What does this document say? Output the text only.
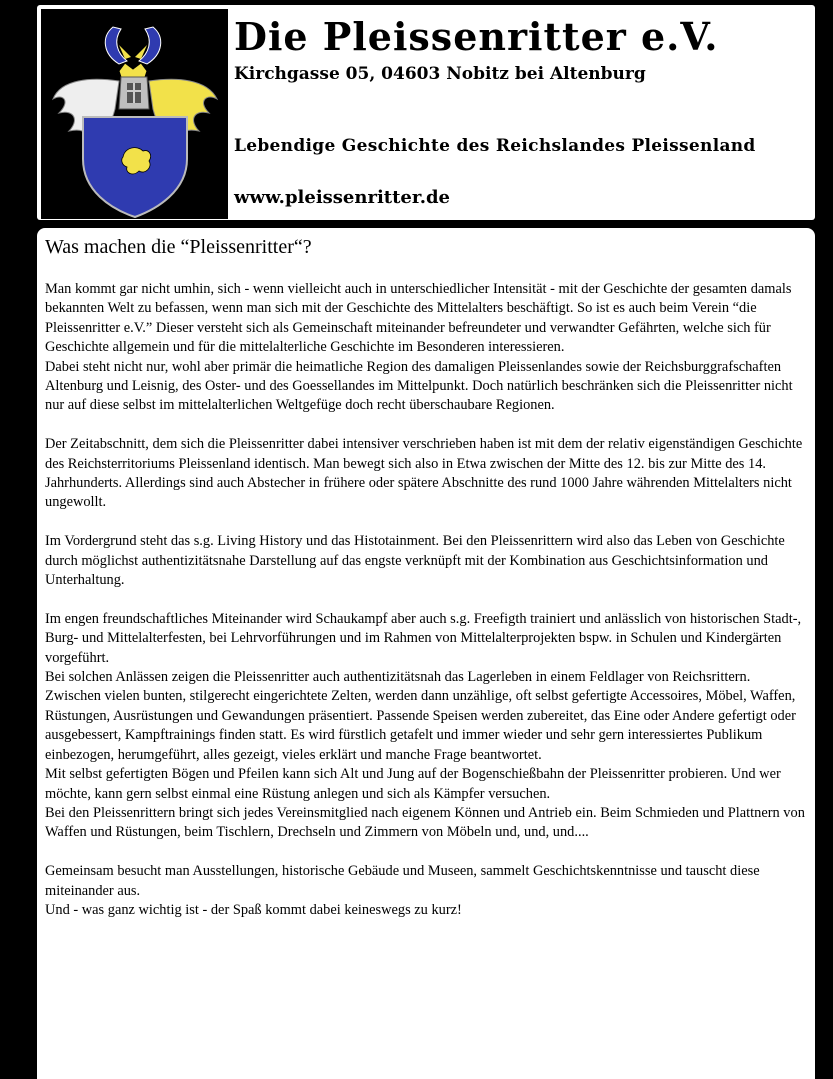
Die Pleissenritter e.V.
Kirchgasse 05, 04603 Nobitz bei Altenburg
Lebendige Geschichte des Reichslandes Pleissenland
www.pleissenritter.de
Was machen die “Pleissenritter“?

Man kommt gar nicht umhin, sich - wenn vielleicht auch in unterschiedlicher Intensität - mit der Geschichte der gesamten damals bekannten Welt zu befassen, wenn man sich mit der Geschichte des Mittelalters beschäftigt. So ist es auch beim Verein “die Pleissenritter e.V.” Dieser versteht sich als Gemeinschaft miteinander befreundeter und verwandter Gefährten, welche sich für Geschichte allgemein und für die mittelalterliche Geschichte im Besonderen interessieren.
Dabei steht nicht nur, wohl aber primär die heimatliche Region des damaligen Pleissenlandes sowie der Reichsburggrafschaften Altenburg und Leisnig, des Oster- und des Goessellandes im Mittelpunkt. Doch natürlich beschränken sich die Pleissenritter nicht nur auf diese selbst im mittelalterlichen Weltgefüge doch recht überschaubare Regionen.

Der Zeitabschnitt, dem sich die Pleissenritter dabei intensiver verschrieben haben ist mit dem der relativ eigenständigen Geschichte des Reichsterritoriums Pleissenland identisch. Man bewegt sich also in Etwa zwischen der Mitte des 12. bis zur Mitte des 14. Jahrhunderts. Allerdings sind auch Abstecher in frühere oder spätere Abschnitte des rund 1000 Jahre währenden Mittelalters nicht ungewollt.

Im Vordergrund steht das s.g. Living History und das Histotainment. Bei den Pleissenrittern wird also das Leben von Geschichte durch möglichst authentizitätsnahe Darstellung auf das engste verknüpft mit der Kombination aus Geschichtsinformation und Unterhaltung.

Im engen freundschaftliches Miteinander wird Schaukampf aber auch s.g. Freefigth trainiert und anlässlich von historischen Stadt-, Burg- und Mittelalterfesten, bei Lehrvorführungen und im Rahmen von Mittelalterprojekten bspw. in Schulen und Kindergärten vorgeführt.
Bei solchen Anlässen zeigen die Pleissenritter auch authentizitätsnah das Lagerleben in einem Feldlager von Reichsrittern. Zwischen vielen bunten, stilgerecht eingerichtete Zelten, werden dann unzählige, oft selbst gefertigte Accessoires, Möbel, Waffen, Rüstungen, Ausrüstungen und Gewandungen präsentiert. Passende Speisen werden zubereitet, das Eine oder Andere gefertigt oder ausgebessert, Kampftrainings finden statt. Es wird fürstlich getafelt und immer wieder und sehr gern interessiertes Publikum einbezogen, herumgeführt, alles gezeigt, vieles erklärt und manche Frage beantwortet.
Mit selbst gefertigten Bögen und Pfeilen kann sich Alt und Jung auf der Bogenschießbahn der Pleissenritter probieren. Und wer möchte, kann gern selbst einmal eine Rüstung anlegen und sich als Kämpfer versuchen.
Bei den Pleissenrittern bringt sich jedes Vereinsmitglied nach eigenem Können und Antrieb ein. Beim Schmieden und Plattnern von Waffen und Rüstungen, beim Tischlern, Drechseln und Zimmern von Möbeln und, und, und....

Gemeinsam besucht man Ausstellungen, historische Gebäude und Museen, sammelt Geschichtskenntnisse und tauscht diese miteinander aus.
Und - was ganz wichtig ist - der Spaß kommt dabei keineswegs zu kurz!
